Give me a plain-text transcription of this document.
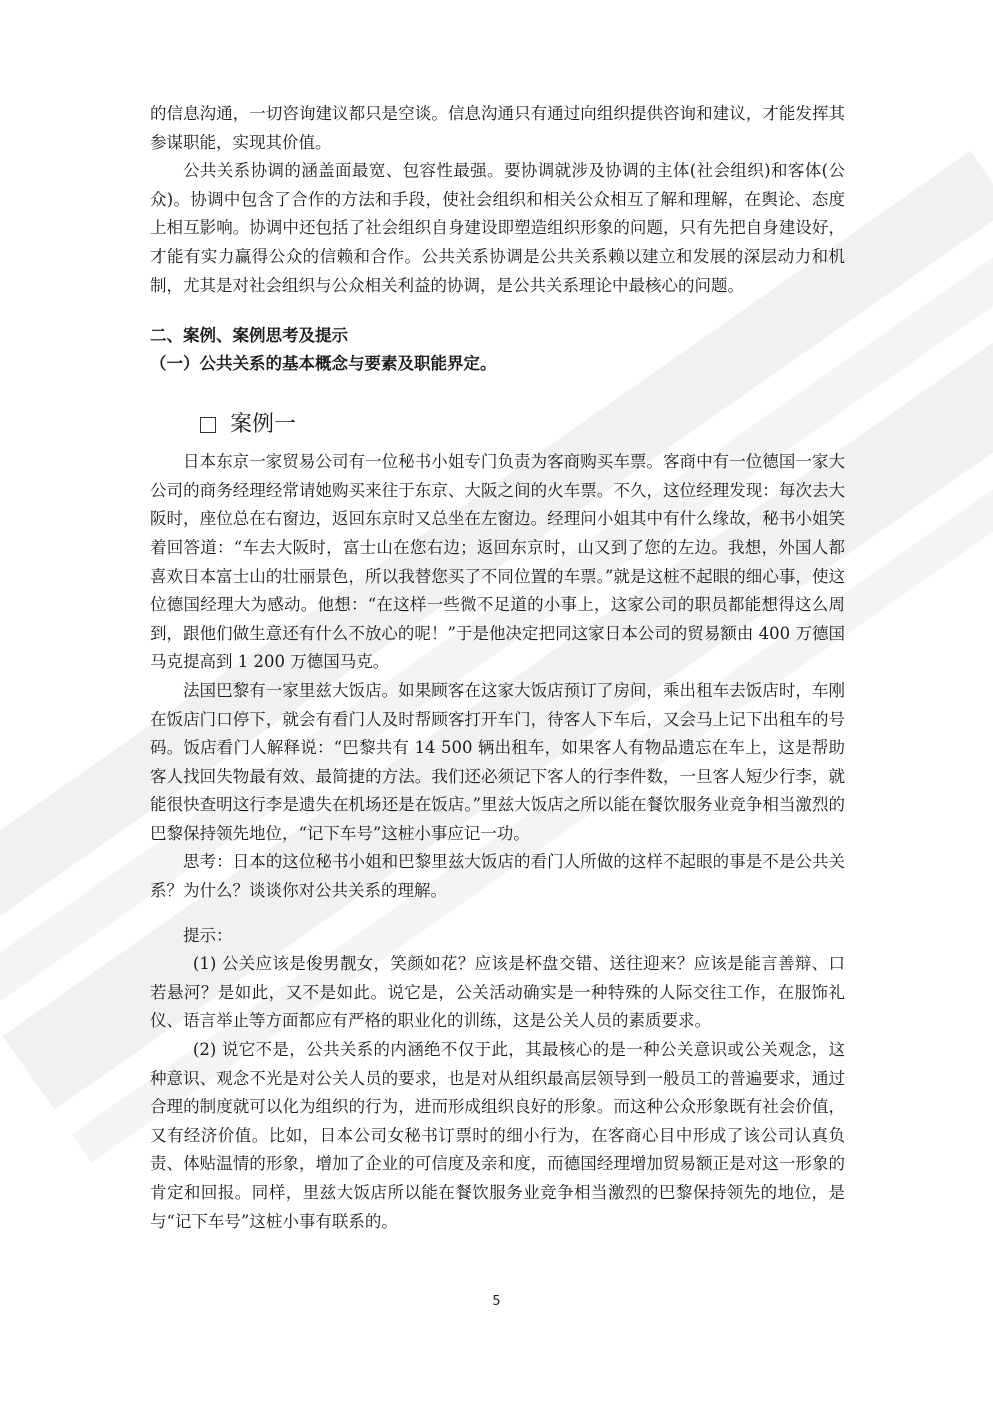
的信息沟通，一切咨询建议都只是空谈。信息沟通只有通过向组织提供咨询和建议，才能发挥其参谋职能，实现其价值。

公共关系协调的涵盖面最宽、包容性最强。要协调就涉及协调的主体(社会组织)和客体(公众)。协调中包含了合作的方法和手段，使社会组织和相关公众相互了解和理解，在舆论、态度上相互影响。协调中还包括了社会组织自身建设即塑造组织形象的问题，只有先把自身建设好，才能有实力赢得公众的信赖和合作。公共关系协调是公共关系赖以建立和发展的深层动力和机制，尤其是对社会组织与公众相关利益的协调，是公共关系理论中最核心的问题。

二、案例、案例思考及提示

（一）公共关系的基本概念与要素及职能界定。

案例一

日本东京一家贸易公司有一位秘书小姐专门负责为客商购买车票。客商中有一位德国一家大公司的商务经理经常请她购买来往于东京、大阪之间的火车票。不久，这位经理发现：每次去大阪时，座位总在右窗边，返回东京时又总坐在左窗边。经理问小姐其中有什么缘故，秘书小姐笑着回答道：“车去大阪时，富士山在您右边；返回东京时，山又到了您的左边。我想，外国人都喜欢日本富士山的壮丽景色，所以我替您买了不同位置的车票。”就是这桩不起眼的细心事，使这位德国经理大为感动。他想：“在这样一些微不足道的小事上，这家公司的职员都能想得这么周到，跟他们做生意还有什么不放心的呢！”于是他决定把同这家日本公司的贸易额由 400 万德国马克提高到 1 200 万德国马克。

法国巴黎有一家里兹大饭店。如果顾客在这家大饭店预订了房间，乘出租车去饭店时，车刚在饭店门口停下，就会有看门人及时帮顾客打开车门，待客人下车后，又会马上记下出租车的号码。饭店看门人解释说：“巴黎共有 14 500 辆出租车，如果客人有物品遗忘在车上，这是帮助客人找回失物最有效、最简捷的方法。我们还必须记下客人的行李件数，一旦客人短少行李，就能很快查明这行李是遗失在机场还是在饭店。”里兹大饭店之所以能在餐饮服务业竞争相当激烈的巴黎保持领先地位，“记下车号”这桩小事应记一功。

思考：日本的这位秘书小姐和巴黎里兹大饭店的看门人所做的这样不起眼的事是不是公共关系？为什么？谈谈你对公共关系的理解。

提示：

(1) 公关应该是俊男靓女，笑颜如花？应该是杯盘交错、送往迎来？应该是能言善辩、口若悬河？是如此，又不是如此。说它是，公关活动确实是一种特殊的人际交往工作，在服饰礼仪、语言举止等方面都应有严格的职业化的训练，这是公关人员的素质要求。

(2) 说它不是，公共关系的内涵绝不仅于此，其最核心的是一种公关意识或公关观念，这种意识、观念不光是对公关人员的要求，也是对从组织最高层领导到一般员工的普遍要求，通过合理的制度就可以化为组织的行为，进而形成组织良好的形象。而这种公众形象既有社会价值，又有经济价值。比如，日本公司女秘书订票时的细小行为，在客商心目中形成了该公司认真负责、体贴温情的形象，增加了企业的可信度及亲和度，而德国经理增加贸易额正是对这一形象的肯定和回报。同样，里兹大饭店所以能在餐饮服务业竞争相当激烈的巴黎保持领先的地位，是与“记下车号”这桩小事有联系的。

5
